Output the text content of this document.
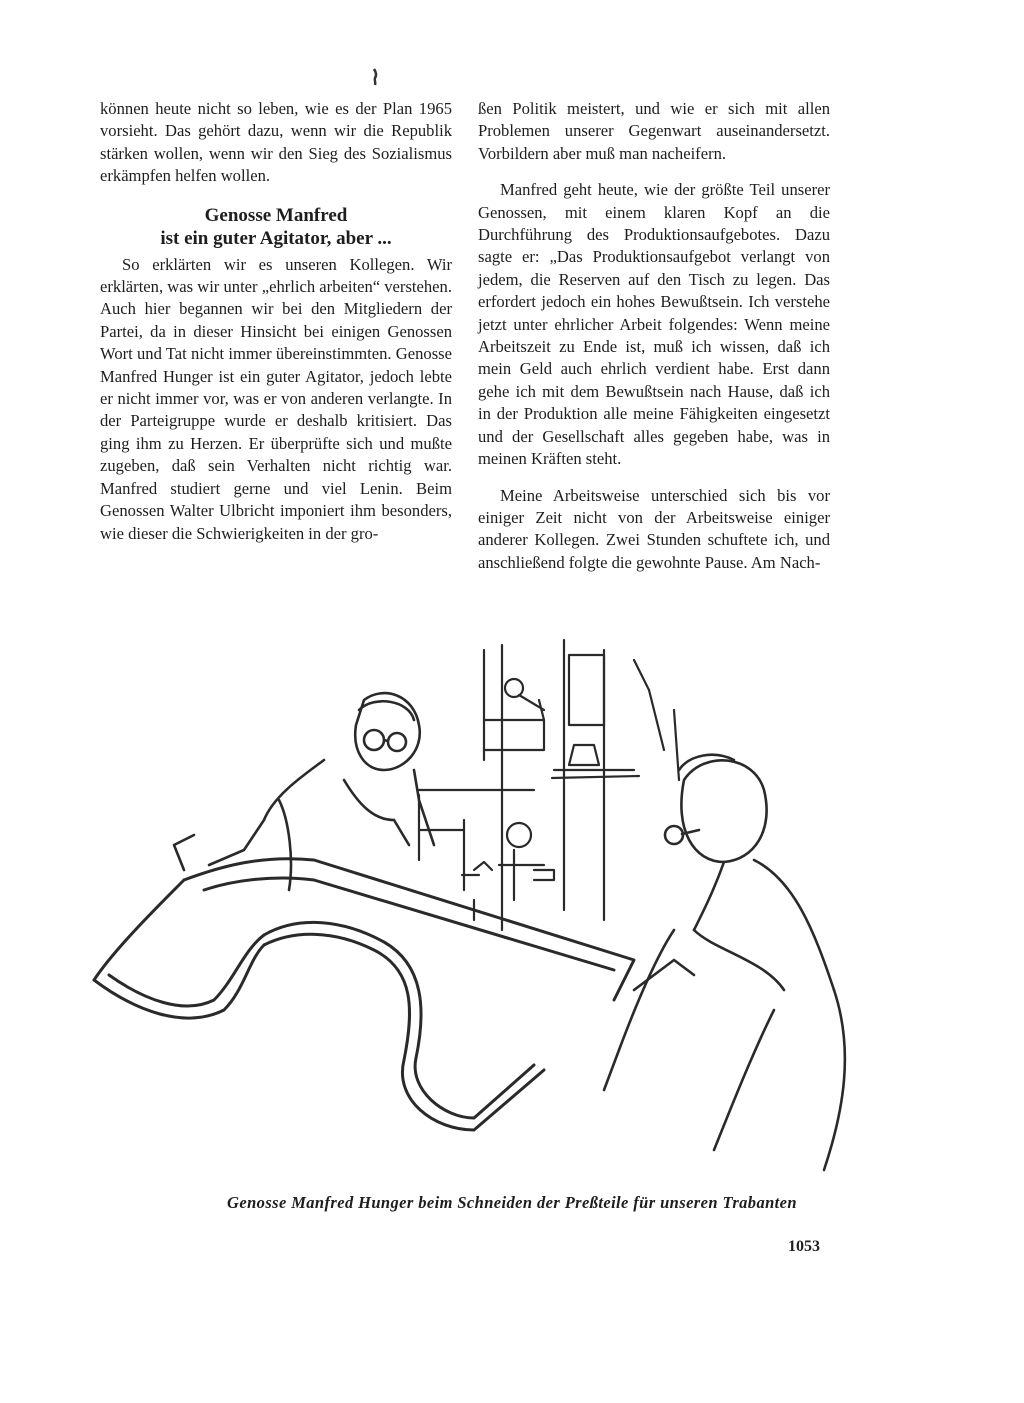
können heute nicht so leben, wie es der Plan 1965 vorsieht. Das gehört dazu, wenn wir die Republik stärken wollen, wenn wir den Sieg des Sozialismus erkämpfen helfen wollen.

Genosse Manfred
ist ein guter Agitator, aber ...

So erklärten wir es unseren Kollegen. Wir erklärten, was wir unter „ehrlich arbeiten“ verstehen. Auch hier begannen wir bei den Mitgliedern der Partei, da in dieser Hinsicht bei einigen Genossen Wort und Tat nicht immer übereinstimmten. Genosse Manfred Hunger ist ein guter Agitator, jedoch lebte er nicht immer vor, was er von anderen verlangte. In der Parteigruppe wurde er deshalb kritisiert. Das ging ihm zu Herzen. Er überprüfte sich und mußte zugeben, daß sein Verhalten nicht richtig war. Manfred studiert gerne und viel Lenin. Beim Genossen Walter Ulbricht imponiert ihm besonders, wie dieser die Schwierigkeiten in der gro-

ßen Politik meistert, und wie er sich mit allen Problemen unserer Gegenwart auseinandersetzt. Vorbildern aber muß man nacheifern.

Manfred geht heute, wie der größte Teil unserer Genossen, mit einem klaren Kopf an die Durchführung des Produktionsaufgebotes. Dazu sagte er: „Das Produktionsaufgebot verlangt von jedem, die Reserven auf den Tisch zu legen. Das erfordert jedoch ein hohes Bewußtsein. Ich verstehe jetzt unter ehrlicher Arbeit folgendes: Wenn meine Arbeitszeit zu Ende ist, muß ich wissen, daß ich mein Geld auch ehrlich verdient habe. Erst dann gehe ich mit dem Bewußtsein nach Hause, daß ich in der Produktion alle meine Fähigkeiten eingesetzt und der Gesellschaft alles gegeben habe, was in meinen Kräften steht.

Meine Arbeitsweise unterschied sich bis vor einiger Zeit nicht von der Arbeitsweise einiger anderer Kollegen. Zwei Stunden schuftete ich, und anschließend folgte die gewohnte Pause. Am Nach-

Genosse Manfred Hunger beim Schneiden der Preßteile für unseren Trabanten
1053
